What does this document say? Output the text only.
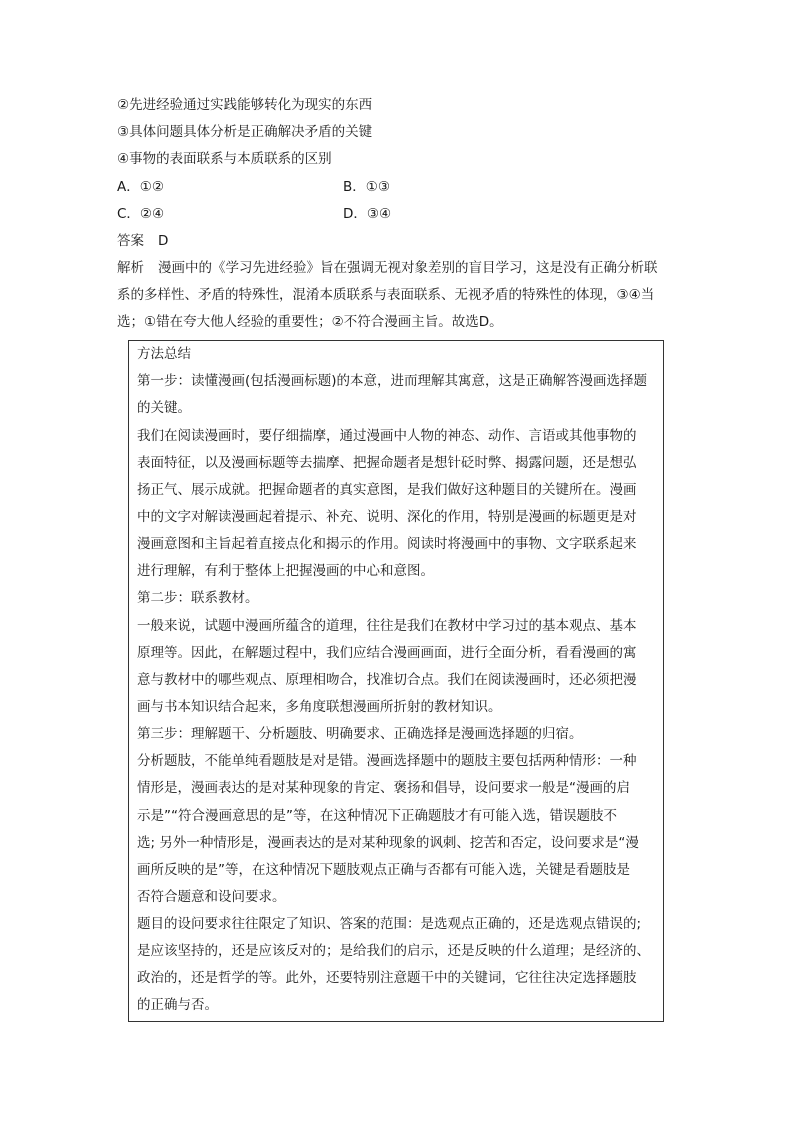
②先进经验通过实践能够转化为现实的东西
③具体问题具体分析是正确解决矛盾的关键
④事物的表面联系与本质联系的区别
A．①②	B．①③
C．②④	D．③④
答案 D
解析 漫画中的《学习先进经验》旨在强调无视对象差别的盲目学习，这是没有正确分析联
系的多样性、矛盾的特殊性，混淆本质联系与表面联系、无视矛盾的特殊性的体现，③④当
选；①错在夸大他人经验的重要性；②不符合漫画主旨。故选D。
方法总结
第一步：读懂漫画(包括漫画标题)的本意，进而理解其寓意，这是正确解答漫画选择题
的关键。
我们在阅读漫画时，要仔细揣摩，通过漫画中人物的神态、动作、言语或其他事物的
表面特征，以及漫画标题等去揣摩、把握命题者是想针砭时弊、揭露问题，还是想弘
扬正气、展示成就。把握命题者的真实意图，是我们做好这种题目的关键所在。漫画
中的文字对解读漫画起着提示、补充、说明、深化的作用，特别是漫画的标题更是对
漫画意图和主旨起着直接点化和揭示的作用。阅读时将漫画中的事物、文字联系起来
进行理解，有利于整体上把握漫画的中心和意图。
第二步：联系教材。
一般来说，试题中漫画所蕴含的道理，往往是我们在教材中学习过的基本观点、基本
原理等。因此，在解题过程中，我们应结合漫画画面，进行全面分析，看看漫画的寓
意与教材中的哪些观点、原理相吻合，找准切合点。我们在阅读漫画时，还必须把漫
画与书本知识结合起来，多角度联想漫画所折射的教材知识。
第三步：理解题干、分析题肢、明确要求、正确选择是漫画选择题的归宿。
分析题肢，不能单纯看题肢是对是错。漫画选择题中的题肢主要包括两种情形：一种
情形是，漫画表达的是对某种现象的肯定、褒扬和倡导，设问要求一般是“漫画的启
示是”“符合漫画意思的是”等，在这种情况下正确题肢才有可能入选，错误题肢不
选; 另外一种情形是，漫画表达的是对某种现象的讽刺、挖苦和否定，设问要求是“漫
画所反映的是”等，在这种情况下题肢观点正确与否都有可能入选，关键是看题肢是
否符合题意和设问要求。
题目的设问要求往往限定了知识、答案的范围：是选观点正确的，还是选观点错误的;
是应该坚持的，还是应该反对的；是给我们的启示，还是反映的什么道理；是经济的、
政治的，还是哲学的等。此外，还要特别注意题干中的关键词，它往往决定选择题肢
的正确与否。
